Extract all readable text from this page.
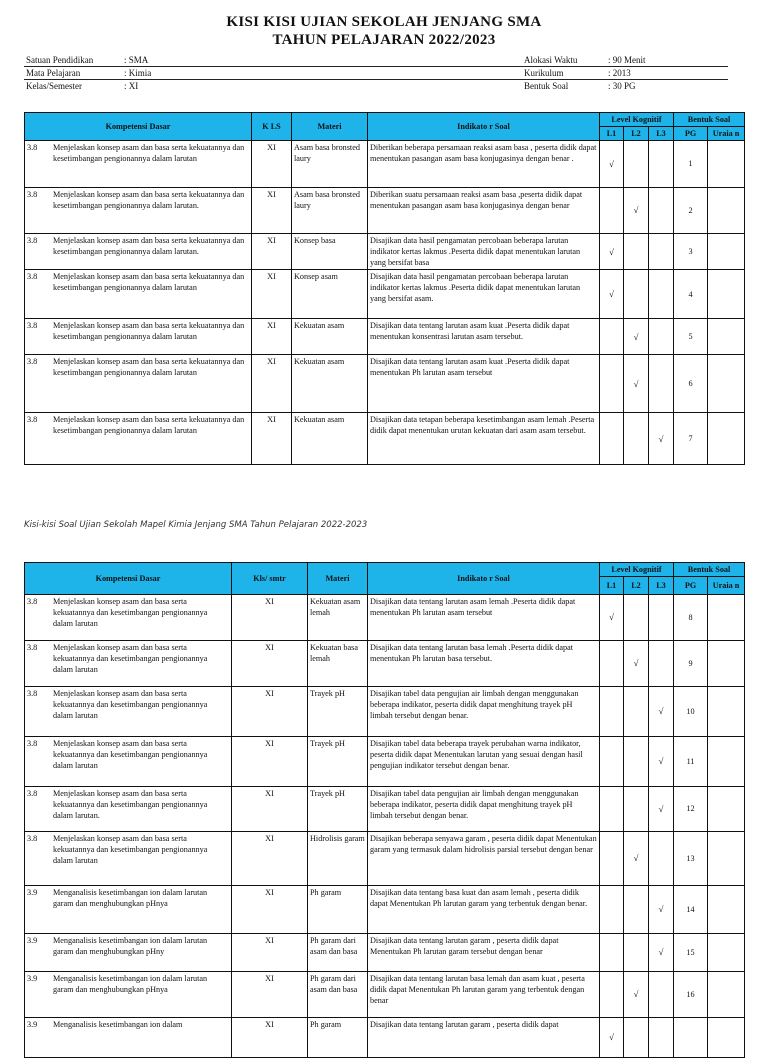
KISI KISI UJIAN SEKOLAH JENJANG SMA
TAHUN PELAJARAN 2022/2023
Satuan Pendidikan	: SMA
Mata Pelajaran	: Kimia
Kelas/Semester	: XI
Alokasi Waktu	: 90 Menit
Kurikulum	: 2013
Bentuk Soal	: 30 PG
Kompetensi Dasar	K LS	Materi	Indikato r Soal	Level Kognitif			Bentuk Soal	
				L1	L2	L3	PG	Uraia n

3.8 Menjelaskan konsep asam dan basa serta kekuatannya dan kesetimbangan pengionannya dalam larutan	XI	Asam basa bronsted laury	Diberikan beberapa persamaan reaksi asam basa , peserta didik dapat menentukan pasangan asam basa konjugasinya dengan benar .	√			1	

3.8 Menjelaskan konsep asam dan basa serta kekuatannya dan kesetimbangan pengionannya dalam larutan.	XI	Asam basa bronsted laury	Diberikan suatu persamaan reaksi asam basa ,peserta didik dapat menentukan pasangan asam basa konjugasinya dengan benar		√		2	

3.8 Menjelaskan konsep asam dan basa serta kekuatannya dan kesetimbangan pengionannya dalam larutan.	XI	Konsep basa	Disajikan data hasil pengamatan percobaan beberapa larutan indikator kertas lakmus .Peserta didik dapat menentukan larutan yang bersifat basa	√			3	

3.8 Menjelaskan konsep asam dan basa serta kekuatannya dan kesetimbangan pengionannya dalam larutan	XI	Konsep asam	Disajikan data hasil pengamatan percobaan beberapa larutan indikator kertas lakmus .Peserta didik dapat menentukan larutan yang bersifat asam.	√			4	

3.8 Menjelaskan konsep asam dan basa serta kekuatannya dan kesetimbangan pengionannya dalam larutan	XI	Kekuatan asam	Disajikan data tentang larutan asam kuat .Peserta didik dapat menentukan konsentrasi larutan asam tersebut.		√		5	

3.8 Menjelaskan konsep asam dan basa serta kekuatannya dan kesetimbangan pengionannya dalam larutan	XI	Kekuatan asam	Disajikan data tentang larutan asam kuat .Peserta didik dapat menentukan Ph larutan asam tersebut		√		6	

3.8 Menjelaskan konsep asam dan basa serta kekuatannya dan kesetimbangan pengionannya dalam larutan	XI	Kekuatan asam	Disajikan data tetapan beberapa kesetimbangan asam lemah .Peserta didik dapat menentukan urutan kekuatan dari asam asam tersebut.			√	7	
Kisi-kisi Soal Ujian Sekolah Mapel Kimia Jenjang SMA Tahun Pelajaran 2022-2023
Kompetensi Dasar	Kls/ smtr	Materi	Indikato r Soal	Level Kognitif			Bentuk Soal	
				L1	L2	L3	PG	Uraia n

3.8 Menjelaskan konsep asam dan basa serta kekuatannya dan kesetimbangan pengionannya dalam larutan	XI	Kekuatan asam lemah	Disajikan data tentang larutan asam lemah .Peserta didik dapat menentukan Ph larutan asam tersebut	√			8	

3.8 Menjelaskan konsep asam dan basa serta kekuatannya dan kesetimbangan pengionannya dalam larutan	XI	Kekuatan basa lemah	Disajikan data tentang larutan basa lemah .Peserta didik dapat menentukan Ph larutan basa tersebut.		√		9	

3.8 Menjelaskan konsep asam dan basa serta kekuatannya dan kesetimbangan pengionannya dalam larutan	XI	Trayek pH	Disajikan tabel data pengujian air limbah dengan menggunakan beberapa indikator, peserta didik dapat menghitung trayek pH limbah tersebut dengan benar.			√	10	

3.8 Menjelaskan konsep asam dan basa serta kekuatannya dan kesetimbangan pengionannya dalam larutan	XI	Trayek pH	Disajikan tabel data beberapa trayek perubahan warna indikator, peserta didik dapat Menentukan larutan yang sesuai dengan hasil pengujian indikator tersebut dengan benar.			√	11	

3.8 Menjelaskan konsep asam dan basa serta kekuatannya dan kesetimbangan pengionannya dalam larutan.	XI	Trayek pH	Disajikan tabel data pengujian air limbah dengan menggunakan beberapa indikator, peserta didik dapat menghitung trayek pH limbah tersebut dengan benar.			√	12	

3.8 Menjelaskan konsep asam dan basa serta kekuatannya dan kesetimbangan pengionannya dalam larutan	XI	Hidrolisis garam	Disajikan beberapa senyawa garam , peserta didik dapat Menentukan garam yang termasuk dalam hidrolisis parsial tersebut dengan benar		√		13	

3.9 Menganalisis kesetimbangan ion dalam larutan garam dan menghubungkan pHnya	XI	Ph garam	Disajikan data tentang basa kuat dan asam lemah , peserta didik dapat Menentukan Ph larutan garam yang terbentuk dengan benar.			√	14	

3.9 Menganalisis kesetimbangan ion dalam larutan garam dan menghubungkan pHny	XI	Ph garam dari asam dan basa	Disajikan data tentang larutan garam , peserta didik dapat Menentukan Ph larutan garam tersebut dengan benar			√	15	

3.9 Menganalisis kesetimbangan ion dalam larutan garam dan menghubungkan pHnya	XI	Ph garam dari asam dan basa	Disajikan data tentang larutan basa lemah dan asam kuat , peserta didik dapat Menentukan Ph larutan garam yang terbentuk dengan benar		√		16	

3.9 Menganalisis kesetimbangan ion dalam	XI	Ph garam	Disajikan data tentang larutan garam , peserta didik dapat	√				
